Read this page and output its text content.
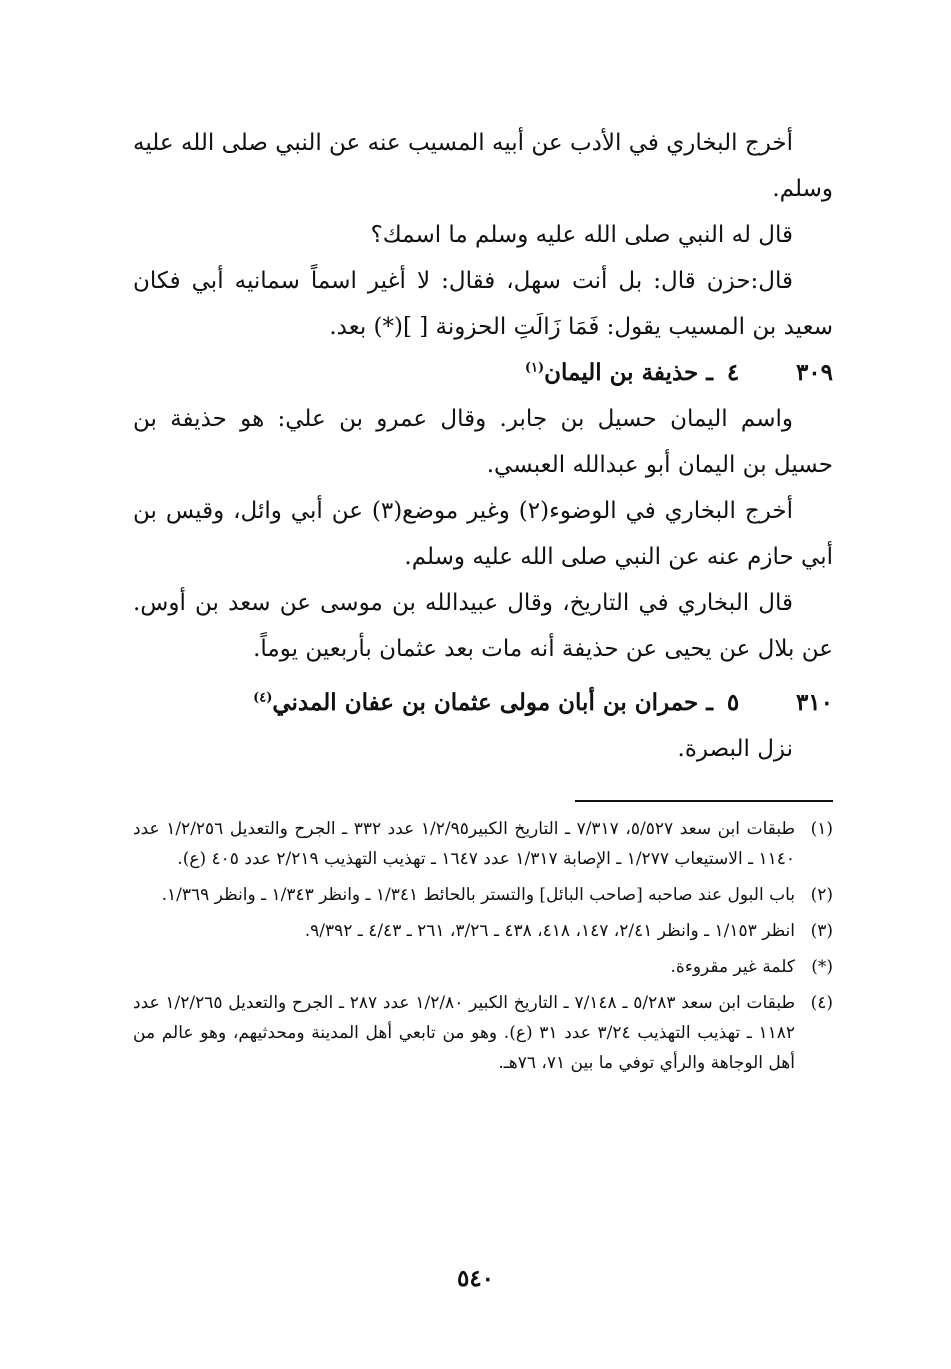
أخرج البخاري في الأدب عن أبيه المسيب عنه عن النبي صلى الله عليه وسلم.

قال له النبي صلى الله عليه وسلم ما اسمك؟

قال:حزن قال: بل أنت سهل، فقال: لا أغير اسماً سمانيه أبي فكان سعيد بن المسيب يقول: فَمَا زَالَتِ الحزونة [ ](*) بعد.

٣٠٩
٤
ـ حذيفة بن اليمان$^{(١)}$

واسم اليمان حسيل بن جابر. وقال عمرو بن علي: هو حذيفة بن حسيل بن اليمان أبو عبدالله العبسي.

أخرج البخاري في الوضوء(٢) وغير موضع(٣) عن أبي وائل، وقيس بن أبي حازم عنه عن النبي صلى الله عليه وسلم.

قال البخاري في التاريخ، وقال عبيدالله بن موسى عن سعد بن أوس. عن بلال عن يحيى عن حذيفة أنه مات بعد عثمان بأربعين يوماً.

٣١٠
٥
ـ حمران بن أبان مولى عثمان بن عفان المدني$^{(٤)}$

نزل البصرة.

(١)
طبقات ابن سعد ٥/٥٢٧، ٧/٣١٧ ـ التاريخ الكبير١/٢/٩٥ عدد ٣٣٢ ـ الجرح والتعديل ١/٢/٢٥٦ عدد ١١٤٠ ـ الاستيعاب ١/٢٧٧ ـ الإصابة ١/٣١٧ عدد ١٦٤٧ ـ تهذيب التهذيب ٢/٢١٩ عدد ٤٠٥ (ع).
(٢)
باب البول عند صاحبه [صاحب البائل] والتستر بالحائط ١/٣٤١ ـ وانظر ١/٣٤٣ ـ وانظر ١/٣٦٩.
(٣)
انظر ١/١٥٣ ـ وانظر ٢/٤١، ١٤٧، ٤١٨، ٤٣٨ ـ ٣/٢٦، ٢٦١ ـ ٤/٤٣ ـ ٩/٣٩٢.
(*)
كلمة غير مقروءة.
(٤)
طبقات ابن سعد ٥/٢٨٣ ـ ٧/١٤٨ ـ التاريخ الكبير ١/٢/٨٠ عدد ٢٨٧ ـ الجرح والتعديل ١/٢/٢٦٥ عدد ١١٨٢ ـ تهذيب التهذيب ٣/٢٤ عدد ٣١ (ع). وهو من تابعي أهل المدينة ومحدثيهم، وهو عالم من أهل الوجاهة والرأي توفي ما بين ٧١، ٧٦هـ.
٥٤٠
